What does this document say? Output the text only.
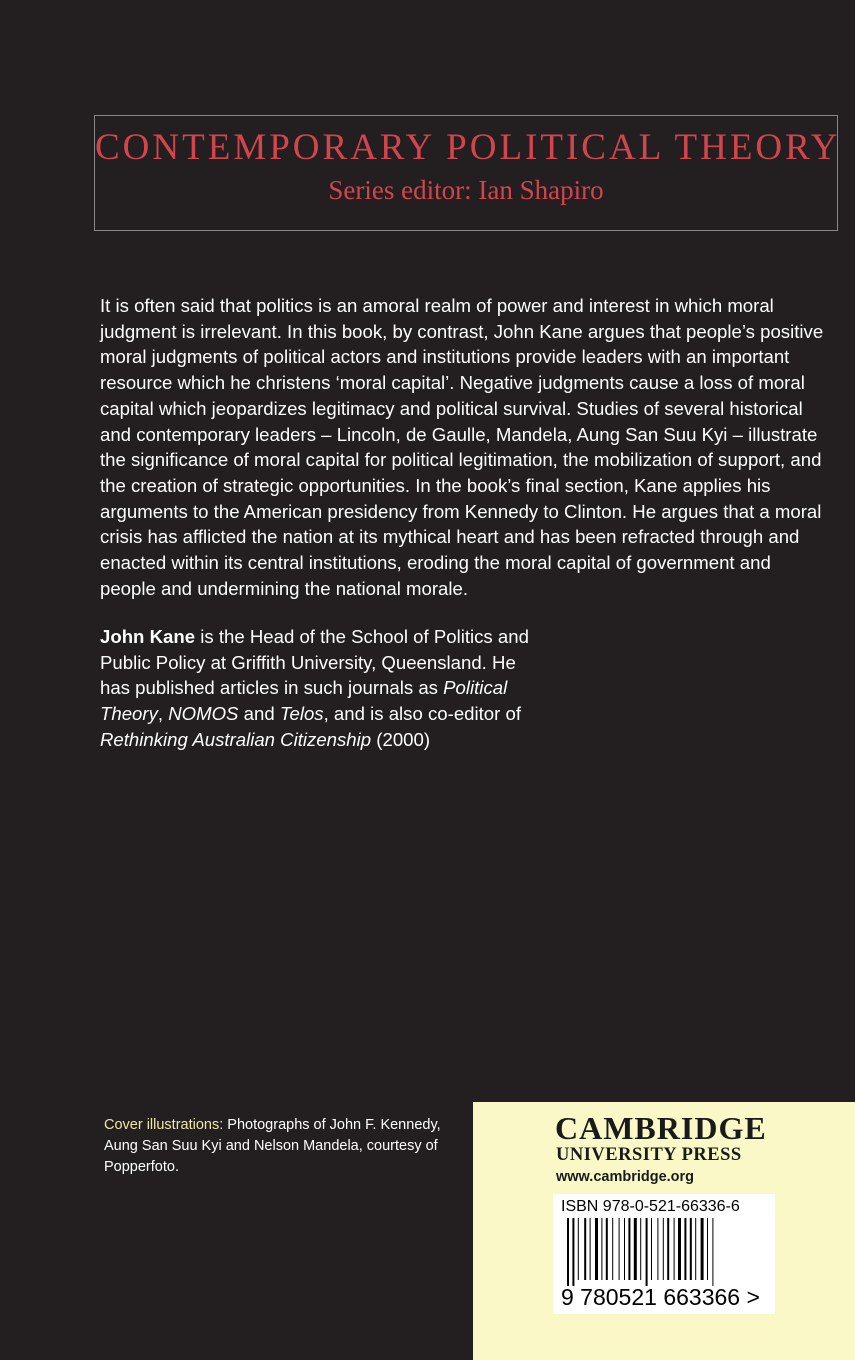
CONTEMPORARY POLITICAL THEORY
Series editor: Ian Shapiro

It is often said that politics is an amoral realm of power and interest in which moral judgment is irrelevant. In this book, by contrast, John Kane argues that people’s positive moral judgments of political actors and institutions provide leaders with an important resource which he christens ‘moral capital’. Negative judgments cause a loss of moral capital which jeopardizes legitimacy and political survival. Studies of several historical and contemporary leaders – Lincoln, de Gaulle, Mandela, Aung San Suu Kyi – illustrate the significance of moral capital for political legitimation, the mobilization of support, and the creation of strategic opportunities. In the book’s final section, Kane applies his arguments to the American presidency from Kennedy to Clinton. He argues that a moral crisis has afflicted the nation at its mythical heart and has been refracted through and enacted within its central institutions, eroding the moral capital of government and people and undermining the national morale.

John Kane is the Head of the School of Politics and Public Policy at Griffith University, Queensland. He has published articles in such journals as Political Theory, NOMOS and Telos, and is also co-editor of Rethinking Australian Citizenship (2000)

Cover illustrations: Photographs of John F. Kennedy, Aung San Suu Kyi and Nelson Mandela, courtesy of Popperfoto.

CAMBRIDGE
UNIVERSITY PRESS
www.cambridge.org
ISBN 978-0-521-66336-6
9 780521 663366 >
